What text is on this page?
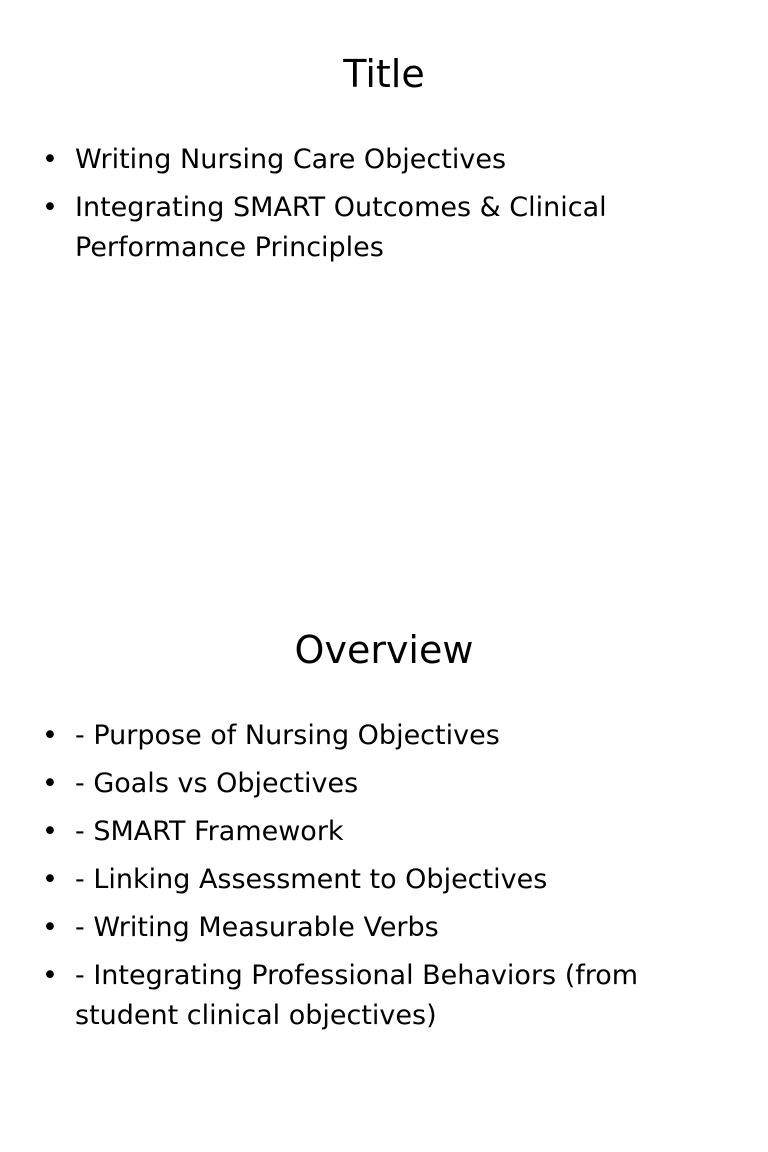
Title
• Writing Nursing Care Objectives
• Integrating SMART Outcomes & Clinical Performance Principles
Overview
• - Purpose of Nursing Objectives
• - Goals vs Objectives
• - SMART Framework
• - Linking Assessment to Objectives
• - Writing Measurable Verbs
• - Integrating Professional Behaviors (from student clinical objectives)
